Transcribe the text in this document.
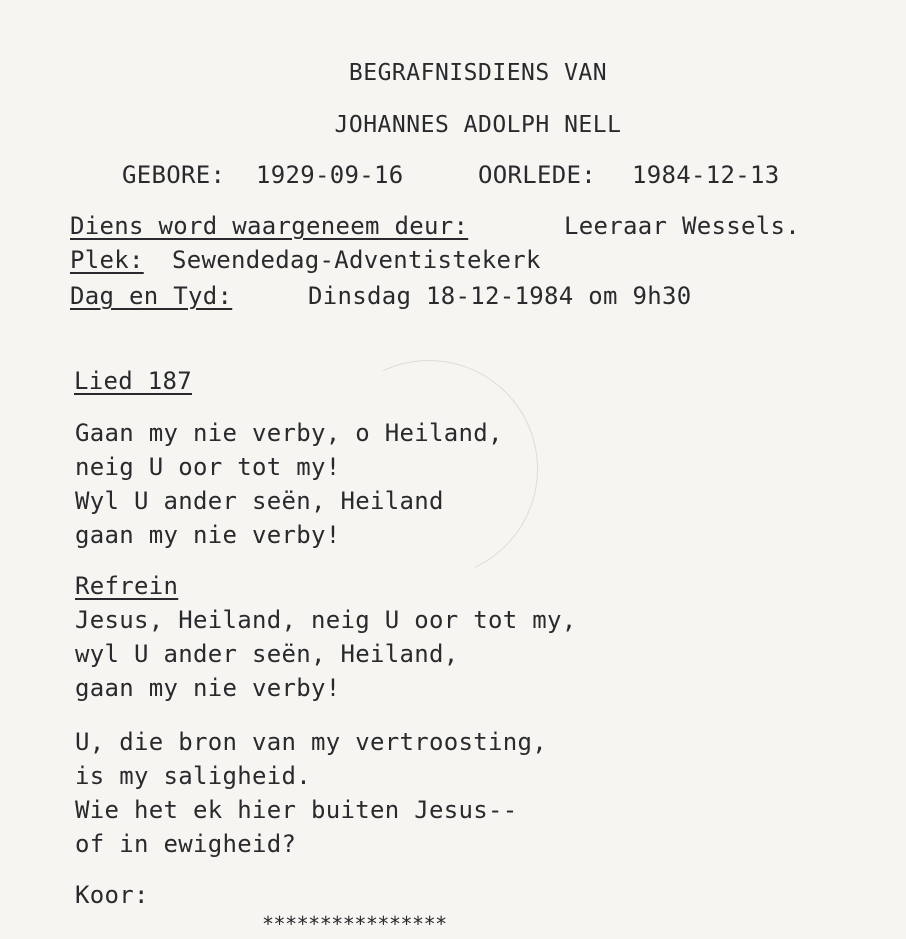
BEGRAFNISDIENS VAN
JOHANNES ADOLPH NELL
GEBORE: 1929-09-16	OORLEDE: 1984-12-13
Diens word waargeneem deur:	Leeraar Wessels.
Plek: Sewendedag-Adventistekerk
Dag en Tyd:	Dinsdag 18-12-1984 om 9h30
Lied 187
Gaan my nie verby, o Heiland,
neig U oor tot my!
Wyl U ander seën, Heiland
gaan my nie verby!
Refrein
Jesus, Heiland, neig U oor tot my,
wyl U ander seën, Heiland,
gaan my nie verby!
U, die bron van my vertroosting,
is my saligheid.
Wie het ek hier buiten Jesus--
of in ewigheid?
Koor:
****************
